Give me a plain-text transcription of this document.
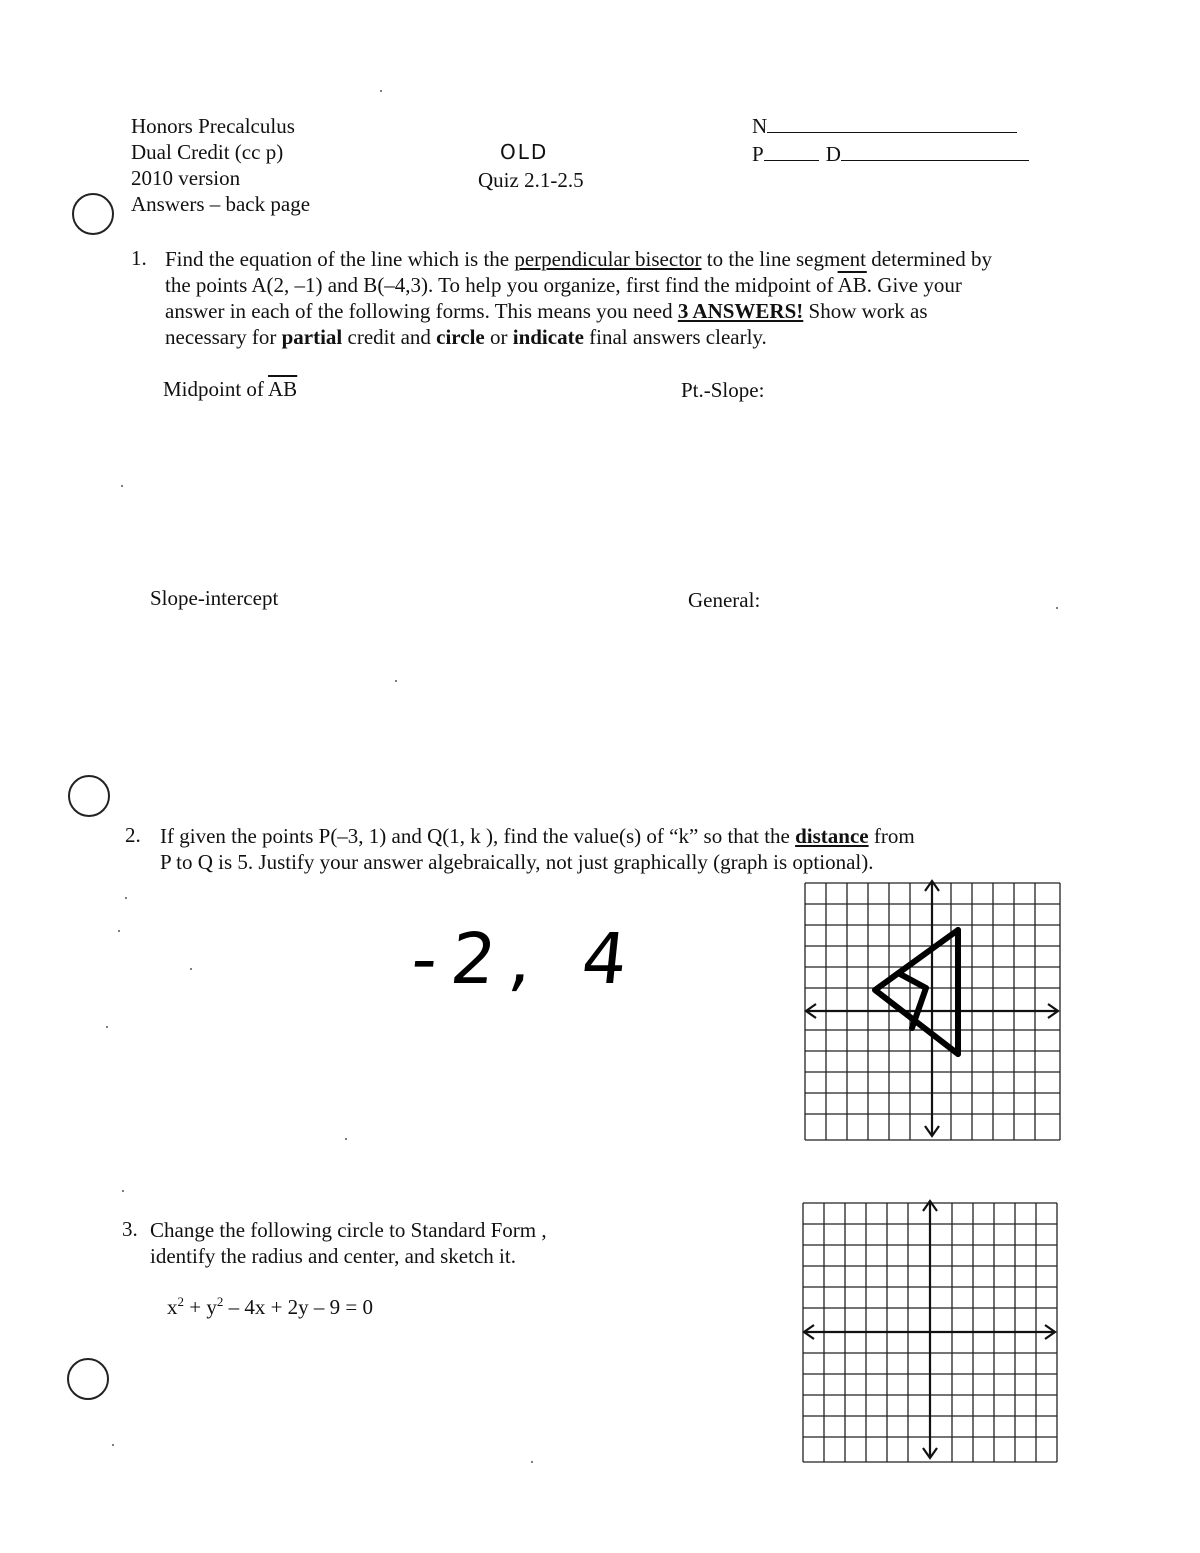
Honors Precalculus
Dual Credit (cc p)
2010 version
Answers – back page
OLD
Quiz 2.1-2.5
N
P	D
1. Find the equation of the line which is the perpendicular bisector to the line segment determined by
the points A(2, –1) and B(–4,3). To help you organize, first find the midpoint of $\overline{AB}$. Give your
answer in each of the following forms. This means you need 3 ANSWERS! Show work as
necessary for partial credit and circle or indicate final answers clearly.
Midpoint of $\overline{AB}$	Pt.-Slope:
Slope-intercept	General:
2. If given the points P(–3, 1) and Q(1, k ), find the value(s) of “k” so that the distance from
P to Q is 5. Justify your answer algebraically, not just graphically (graph is optional).
-2, 4
3. Change the following circle to Standard Form ,
identify the radius and center, and sketch it.
$x^2 + y^2 - 4x + 2y - 9 = 0$
